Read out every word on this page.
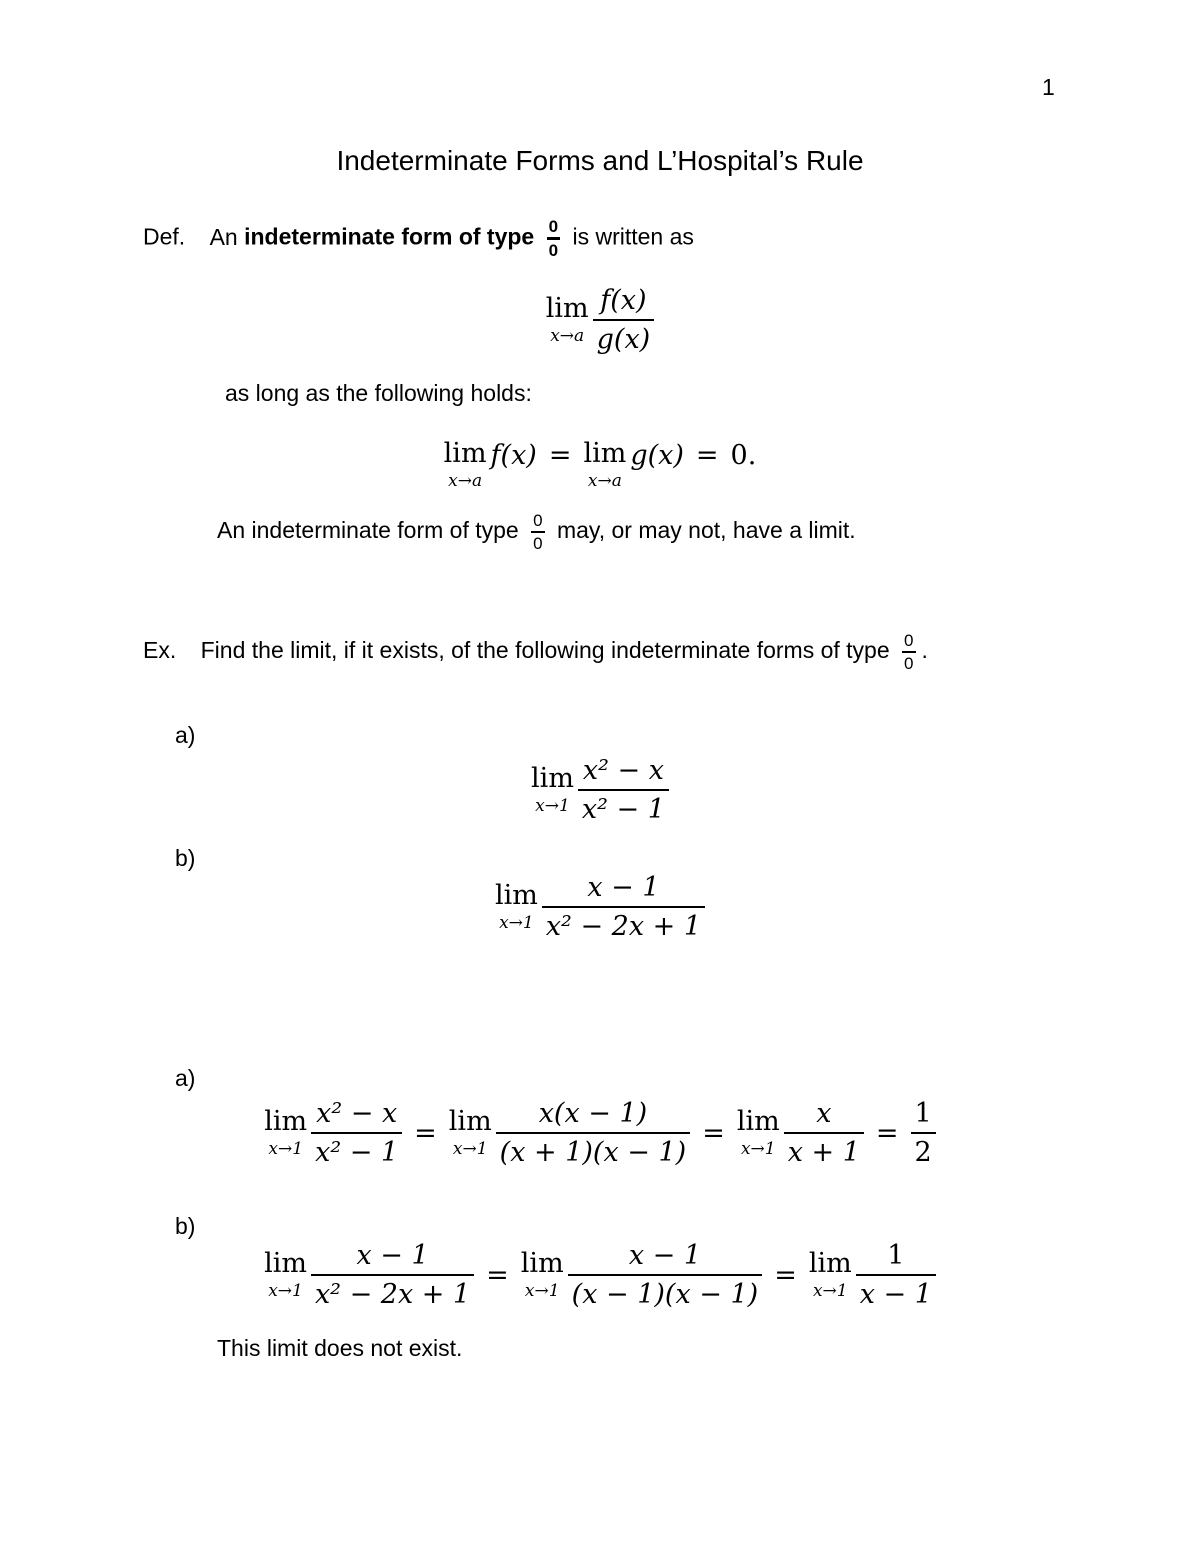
1
Indeterminate Forms and L’Hospital’s Rule
Def. An indeterminate form of type $\frac{0}{0}$ is written as
lim
$x\to a \frac{f(x)}{g(x)}$
as long as the following holds:
lim
x→a
f(x) = lim
x→a
g(x) = 0.
An indeterminate form of type $\frac{0}{0}$ may, or may not, have a limit.
Ex. Find the limit, if it exists, of the following indeterminate forms of type $\frac{0}{0}$ .
a)
lim
$x\to 1 \frac{\text{x² − x}}{\text{x² − 1}}$
b)
lim
$x\to 1 \frac{x - 1}{\text{x² − 2x + 1}}$
a)
lim
$x\to 1 \frac{\text{x² − x}}{\text{x² − 1}} = \lim$
$x\to 1 \frac{x(x - 1)}{(x + 1)(x - 1)} = \lim$
$x\to 1 \frac{x}{x + 1} = \frac{1}{2}$
b)
lim
$x\to 1 \frac{x - 1}{\text{x² − 2x + 1}} = \lim$
$x\to 1 \frac{x - 1}{(x - 1)(x - 1)} = \lim$
$x\to 1 \frac{1}{x - 1}$
This limit does not exist.
